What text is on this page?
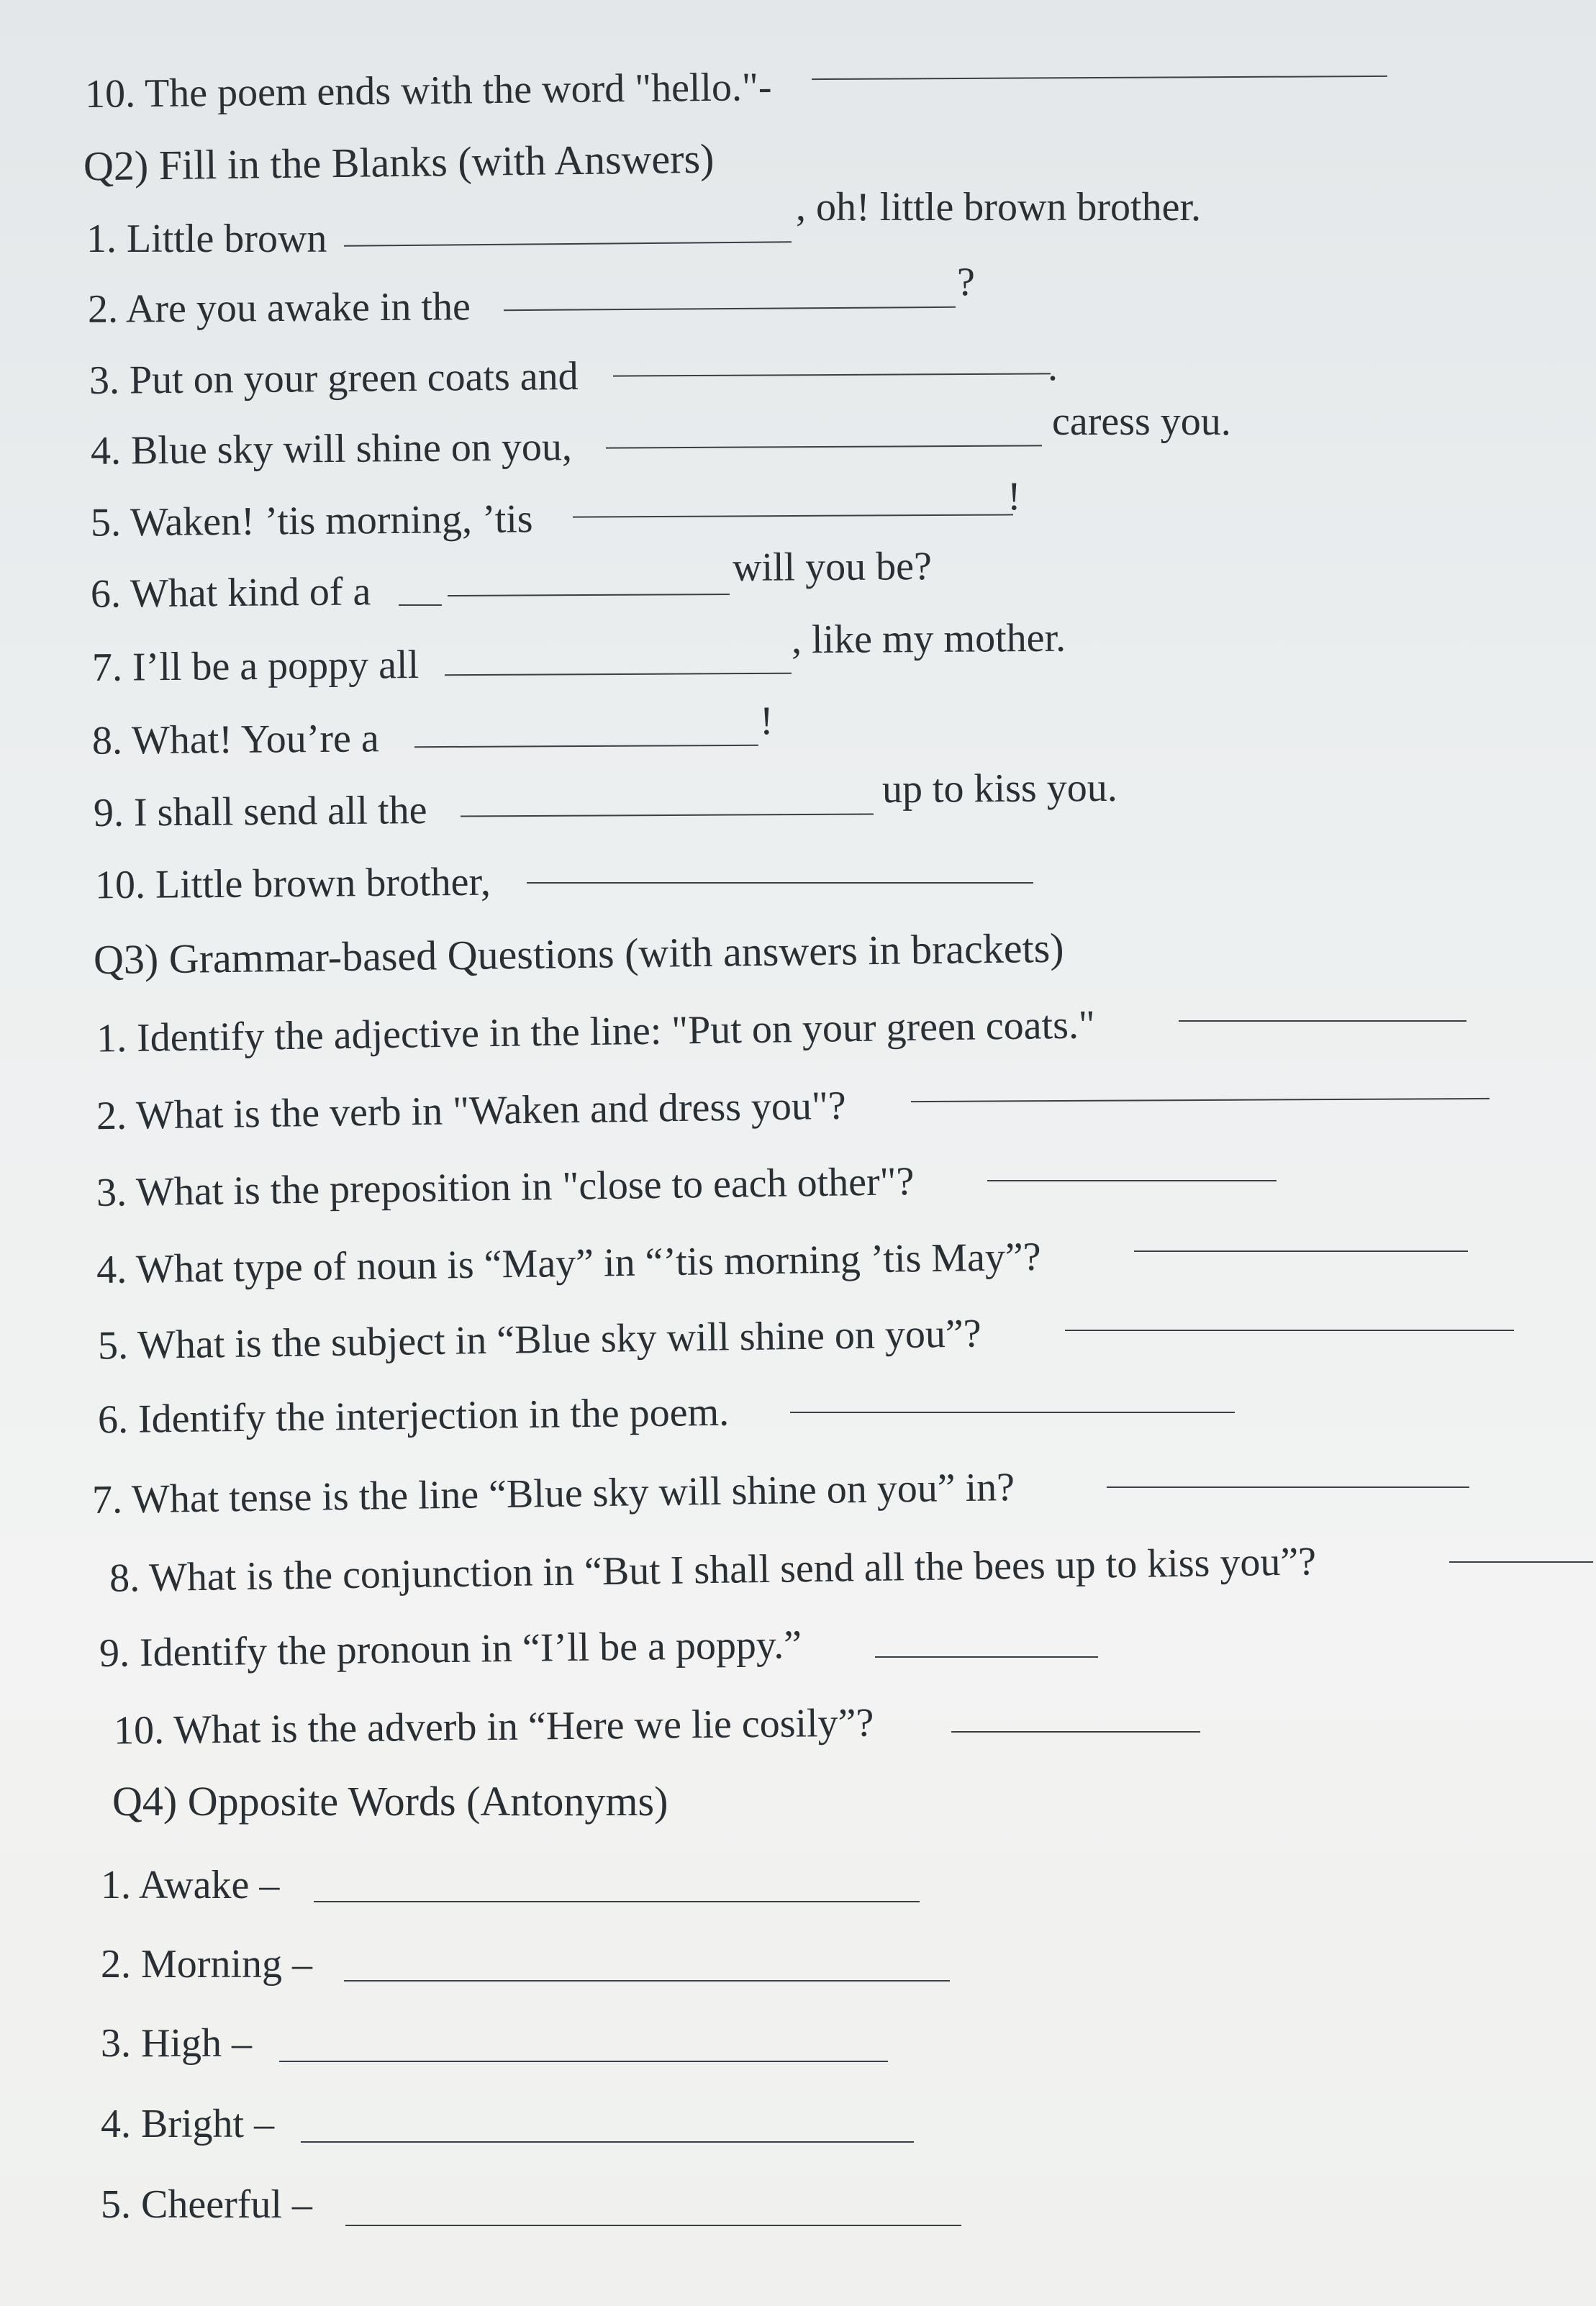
10. The poem ends with the word "hello."-
Q2) Fill in the Blanks (with Answers)
1. Little brown
, oh! little brown brother.
2. Are you awake in the
?
3. Put on your green coats and	.
4. Blue sky will shine on you,
caress you.
5. Waken! ’tis morning, ’tis
!
6. What kind of a
will you be?
7. I’ll be a poppy all
, like my mother.
8. What! You’re a	!
9. I shall send all the	up to kiss you.
10. Little brown brother,
Q3) Grammar-based Questions (with answers in brackets)
1. Identify the adjective in the line: "Put on your green coats."
2. What is the verb in "Waken and dress you"?
3. What is the preposition in "close to each other"?
4. What type of noun is “May” in “’tis morning ’tis May”?
5. What is the subject in “Blue sky will shine on you”?
6. Identify the interjection in the poem.
7. What tense is the line “Blue sky will shine on you” in?
8. What is the conjunction in “But I shall send all the bees up to kiss you”?
9. Identify the pronoun in “I’ll be a poppy.”
10. What is the adverb in “Here we lie cosily”?
Q4) Opposite Words (Antonyms)
1. Awake –
2. Morning –
3. High –
4. Bright –
5. Cheerful –
